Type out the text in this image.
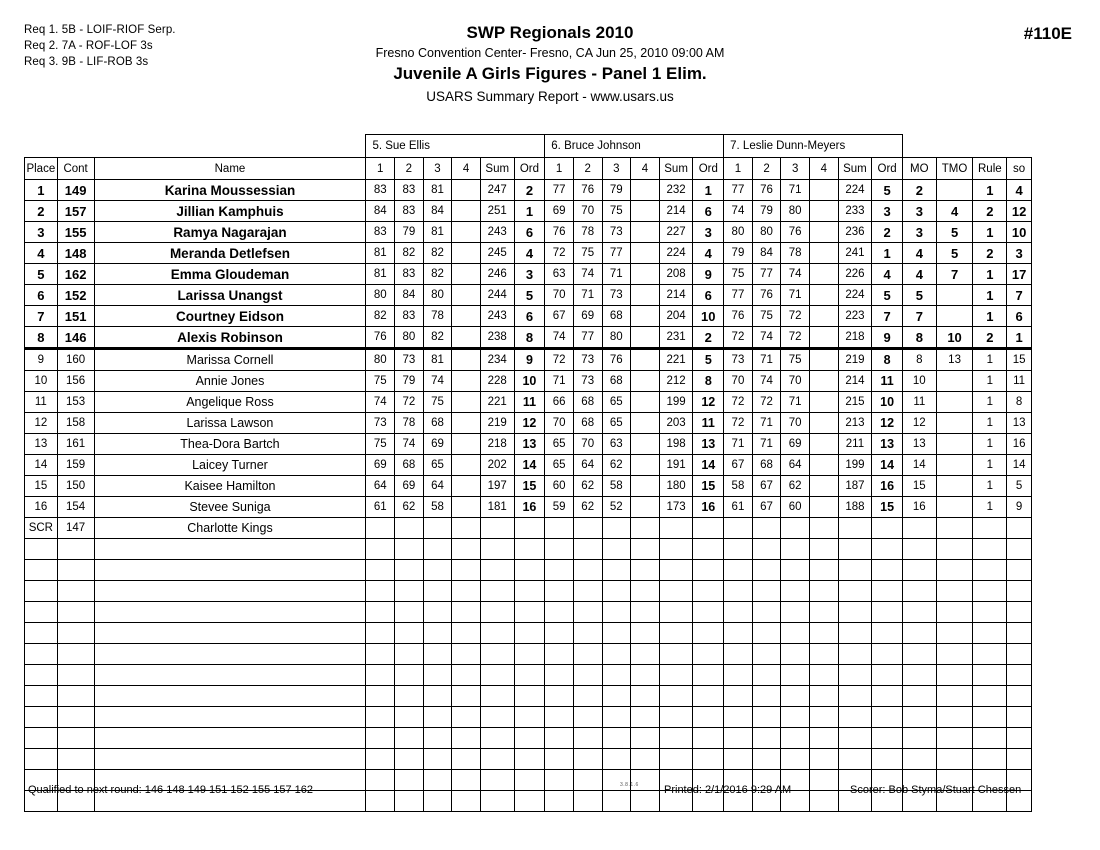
Req 1. 5B - LOIF-RIOF Serp.
Req 2. 7A - ROF-LOF 3s
Req 3. 9B - LIF-ROB 3s
#110E
SWP Regionals 2010
Fresno Convention Center- Fresno, CA Jun 25, 2010 09:00 AM
Juvenile A Girls Figures - Panel 1 Elim.
USARS Summary Report - www.usars.us
			5. Sue Ellis						6. Bruce Johnson						7. Leslie Dunn-Meyers									
Place	Cont	Name	1	2	3	4	Sum	Ord	1	2	3	4	Sum	Ord	1	2	3	4	Sum	Ord	MO	TMO	Rule	so
1	149	Karina Moussessian	83	83	81		247	2	77	76	79		232	1	77	76	71		224	5	2		1	4
2	157	Jillian Kamphuis	84	83	84		251	1	69	70	75		214	6	74	79	80		233	3	3	4	2	12
3	155	Ramya Nagarajan	83	79	81		243	6	76	78	73		227	3	80	80	76		236	2	3	5	1	10
4	148	Meranda Detlefsen	81	82	82		245	4	72	75	77		224	4	79	84	78		241	1	4	5	2	3
5	162	Emma Gloudeman	81	83	82		246	3	63	74	71		208	9	75	77	74		226	4	4	7	1	17
6	152	Larissa Unangst	80	84	80		244	5	70	71	73		214	6	77	76	71		224	5	5		1	7
7	151	Courtney Eidson	82	83	78		243	6	67	69	68		204	10	76	75	72		223	7	7		1	6
8	146	Alexis Robinson	76	80	82		238	8	74	77	80		231	2	72	74	72		218	9	8	10	2	1
9	160	Marissa Cornell	80	73	81		234	9	72	73	76		221	5	73	71	75		219	8	8	13	1	15
10	156	Annie Jones	75	79	74		228	10	71	73	68		212	8	70	74	70		214	11	10		1	11
11	153	Angelique Ross	74	72	75		221	11	66	68	65		199	12	72	72	71		215	10	11		1	8
12	158	Larissa Lawson	73	78	68		219	12	70	68	65		203	11	72	71	70		213	12	12		1	13
13	161	Thea-Dora Bartch	75	74	69		218	13	65	70	63		198	13	71	71	69		211	13	13		1	16
14	159	Laicey Turner	69	68	65		202	14	65	64	62		191	14	67	68	64		199	14	14		1	14
15	150	Kaisee Hamilton	64	69	64		197	15	60	62	58		180	15	58	67	62		187	16	15		1	5
16	154	Stevee Suniga	61	62	58		181	16	59	62	52		173	16	61	67	60		188	15	16		1	9
SCR	147	Charlotte Kings																						

Qualified to next round: 146 148 149 151 152 155 157 162	3.8.1.6 Printed: 2/1/2016 9:29 AM	Scorer: Bob Styma/Stuart Chessen
